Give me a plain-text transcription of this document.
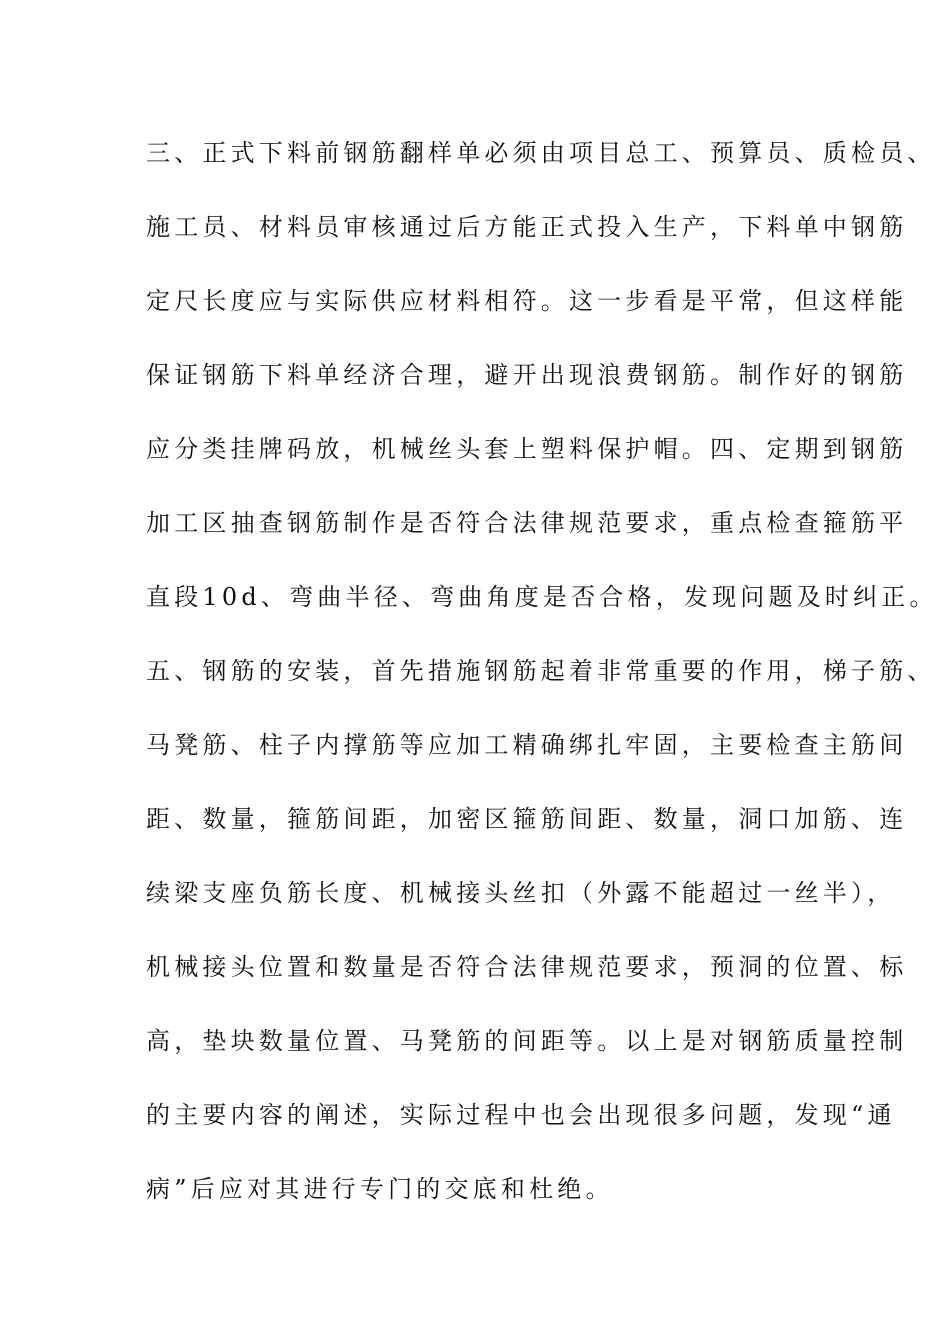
三、正式下料前钢筋翻样单必须由项目总工、预算员、质检员、
施工员、材料员审核通过后方能正式投入生产，下料单中钢筋
定尺长度应与实际供应材料相符。这一步看是平常，但这样能
保证钢筋下料单经济合理，避开出现浪费钢筋。制作好的钢筋
应分类挂牌码放，机械丝头套上塑料保护帽。四、定期到钢筋
加工区抽查钢筋制作是否符合法律规范要求，重点检查箍筋平
直段10d、弯曲半径、弯曲角度是否合格，发现问题及时纠正。
五、钢筋的安装，首先措施钢筋起着非常重要的作用，梯子筋、
马凳筋、柱子内撑筋等应加工精确绑扎牢固，主要检查主筋间
距、数量，箍筋间距，加密区箍筋间距、数量，洞口加筋、连
续梁支座负筋长度、机械接头丝扣（外露不能超过一丝半），
机械接头位置和数量是否符合法律规范要求，预洞的位置、标
高，垫块数量位置、马凳筋的间距等。以上是对钢筋质量控制
的主要内容的阐述，实际过程中也会出现很多问题，发现“通
病”后应对其进行专门的交底和杜绝。
